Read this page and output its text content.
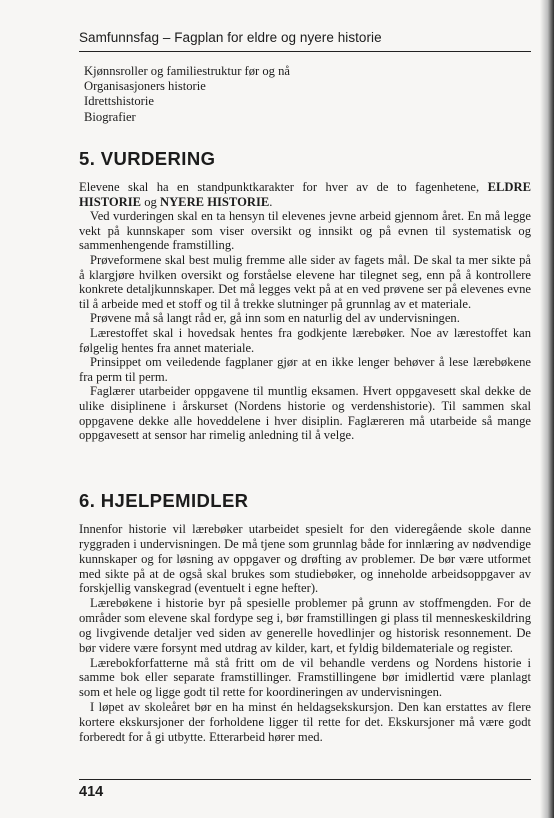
Samfunnsfag – Fagplan for eldre og nyere historie
Kjønnsroller og familiestruktur før og nå
Organisasjoners historie
Idrettshistorie
Biografier
5. VURDERING

Elevene skal ha en standpunktkarakter for hver av de to fagenhetene, ELDRE HISTORIE og NYERE HISTORIE.

Ved vurderingen skal en ta hensyn til elevenes jevne arbeid gjennom året. En må legge vekt på kunnskaper som viser oversikt og innsikt og på evnen til systematisk og sammenhengende framstilling.

Prøveformene skal best mulig fremme alle sider av fagets mål. De skal ta mer sikte på å klargjøre hvilken oversikt og forståelse elevene har tilegnet seg, enn på å kontrollere konkrete detaljkunnskaper. Det må legges vekt på at en ved prøvene ser på elevenes evne til å arbeide med et stoff og til å trekke slutninger på grunnlag av et materiale.

Prøvene må så langt råd er, gå inn som en naturlig del av undervisningen.

Lærestoffet skal i hovedsak hentes fra godkjente lærebøker. Noe av lærestoffet kan følgelig hentes fra annet materiale.

Prinsippet om veiledende fagplaner gjør at en ikke lenger behøver å lese lærebøkene fra perm til perm.

Faglærer utarbeider oppgavene til muntlig eksamen. Hvert oppgavesett skal dekke de ulike disiplinene i årskurset (Nordens historie og verdenshistorie). Til sammen skal oppgavene dekke alle hoveddelene i hver disiplin. Faglæreren må utarbeide så mange oppgavesett at sensor har rimelig anledning til å velge.

6. HJELPEMIDLER

Innenfor historie vil lærebøker utarbeidet spesielt for den videregående skole danne ryggraden i undervisningen. De må tjene som grunnlag både for innlæring av nødvendige kunnskaper og for løsning av oppgaver og drøfting av problemer. De bør være utformet med sikte på at de også skal brukes som studiebøker, og inneholde arbeidsoppgaver av forskjellig vanskegrad (eventuelt i egne hefter).

Lærebøkene i historie byr på spesielle problemer på grunn av stoffmengden. For de områder som elevene skal fordype seg i, bør framstillingen gi plass til menneskeskildring og livgivende detaljer ved siden av generelle hovedlinjer og historisk resonnement. De bør videre være forsynt med utdrag av kilder, kart, et fyldig bildemateriale og register.

Lærebokforfatterne må stå fritt om de vil behandle verdens og Nordens historie i samme bok eller separate framstillinger. Framstillingene bør imidlertid være planlagt som et hele og ligge godt til rette for koordineringen av undervisningen.

I løpet av skoleåret bør en ha minst én heldagsekskursjon. Den kan erstattes av flere kortere ekskursjoner der forholdene ligger til rette for det. Ekskursjoner må være godt forberedt for å gi utbytte. Etterarbeid hører med.

414
